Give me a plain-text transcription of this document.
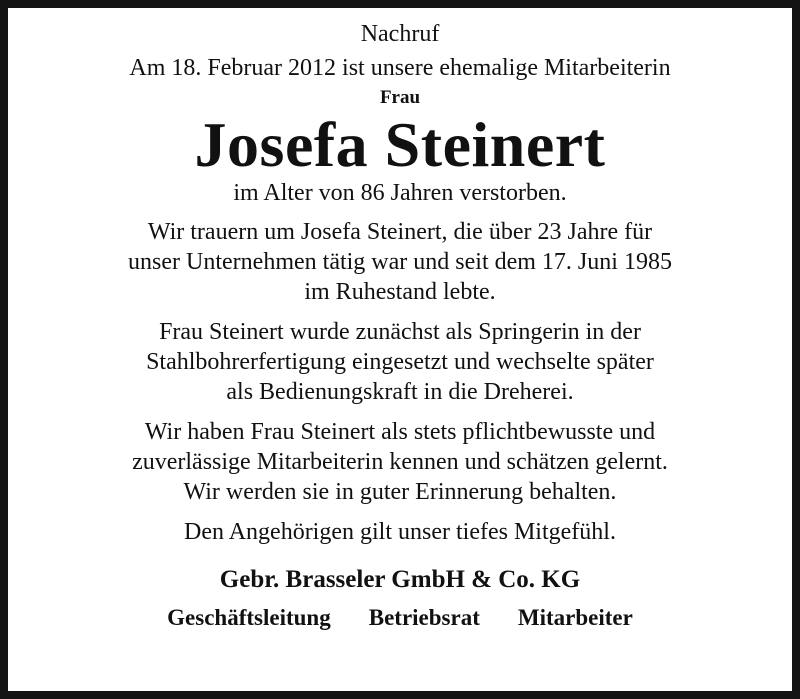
Nachruf
Am 18. Februar 2012 ist unsere ehemalige Mitarbeiterin
Frau
Josefa Steinert
im Alter von 86 Jahren verstorben.
Wir trauern um Josefa Steinert, die über 23 Jahre für
unser Unternehmen tätig war und seit dem 17. Juni 1985
im Ruhestand lebte.
Frau Steinert wurde zunächst als Springerin in der
Stahlbohrerfertigung eingesetzt und wechselte später
als Bedienungskraft in die Dreherei.
Wir haben Frau Steinert als stets pflichtbewusste und
zuverlässige Mitarbeiterin kennen und schätzen gelernt.
Wir werden sie in guter Erinnerung behalten.
Den Angehörigen gilt unser tiefes Mitgefühl.
Gebr. Brasseler GmbH & Co. KG
Geschäftsleitung Betriebsrat Mitarbeiter
